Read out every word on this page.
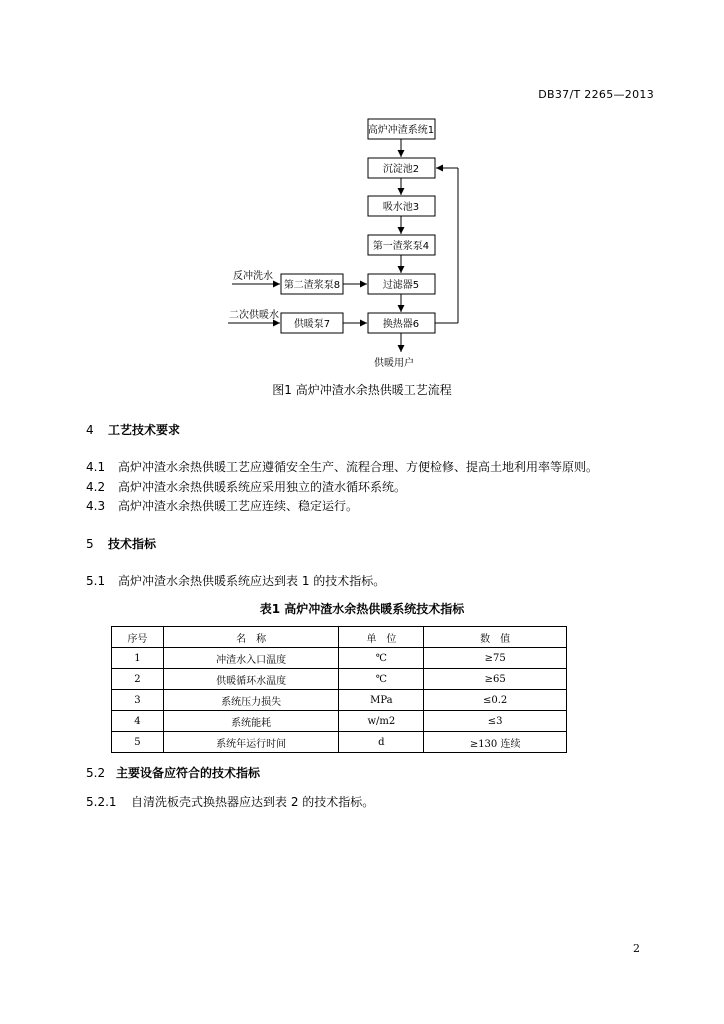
DB37/T 2265—2013
高炉冲渣系统1
沉淀池2
吸水池3
第一渣浆泵4
过滤器5
换热器6
第二渣浆泵8
供暖泵7
反冲洗水
二次供暖水
供暖用户
图1 高炉冲渣水余热供暖工艺流程
4 工艺技术要求
4.1 高炉冲渣水余热供暖工艺应遵循安全生产、流程合理、方便检修、提高土地利用率等原则。
4.2 高炉冲渣水余热供暖系统应采用独立的渣水循环系统。
4.3 高炉冲渣水余热供暖工艺应连续、稳定运行。
5 技术指标
5.1 高炉冲渣水余热供暖系统应达到表 1 的技术指标。
表1 高炉冲渣水余热供暖系统技术指标
序号	名　称	单　位	数　值
1	冲渣水入口温度	℃	≥75
2	供暖循环水温度	℃	≥65
3	系统压力损失	MPa	≤0.2
4	系统能耗	w/m2	≤3
5	系统年运行时间	d	≥130 连续
5.2 主要设备应符合的技术指标
5.2.1 自清洗板壳式换热器应达到表 2 的技术指标。
2
